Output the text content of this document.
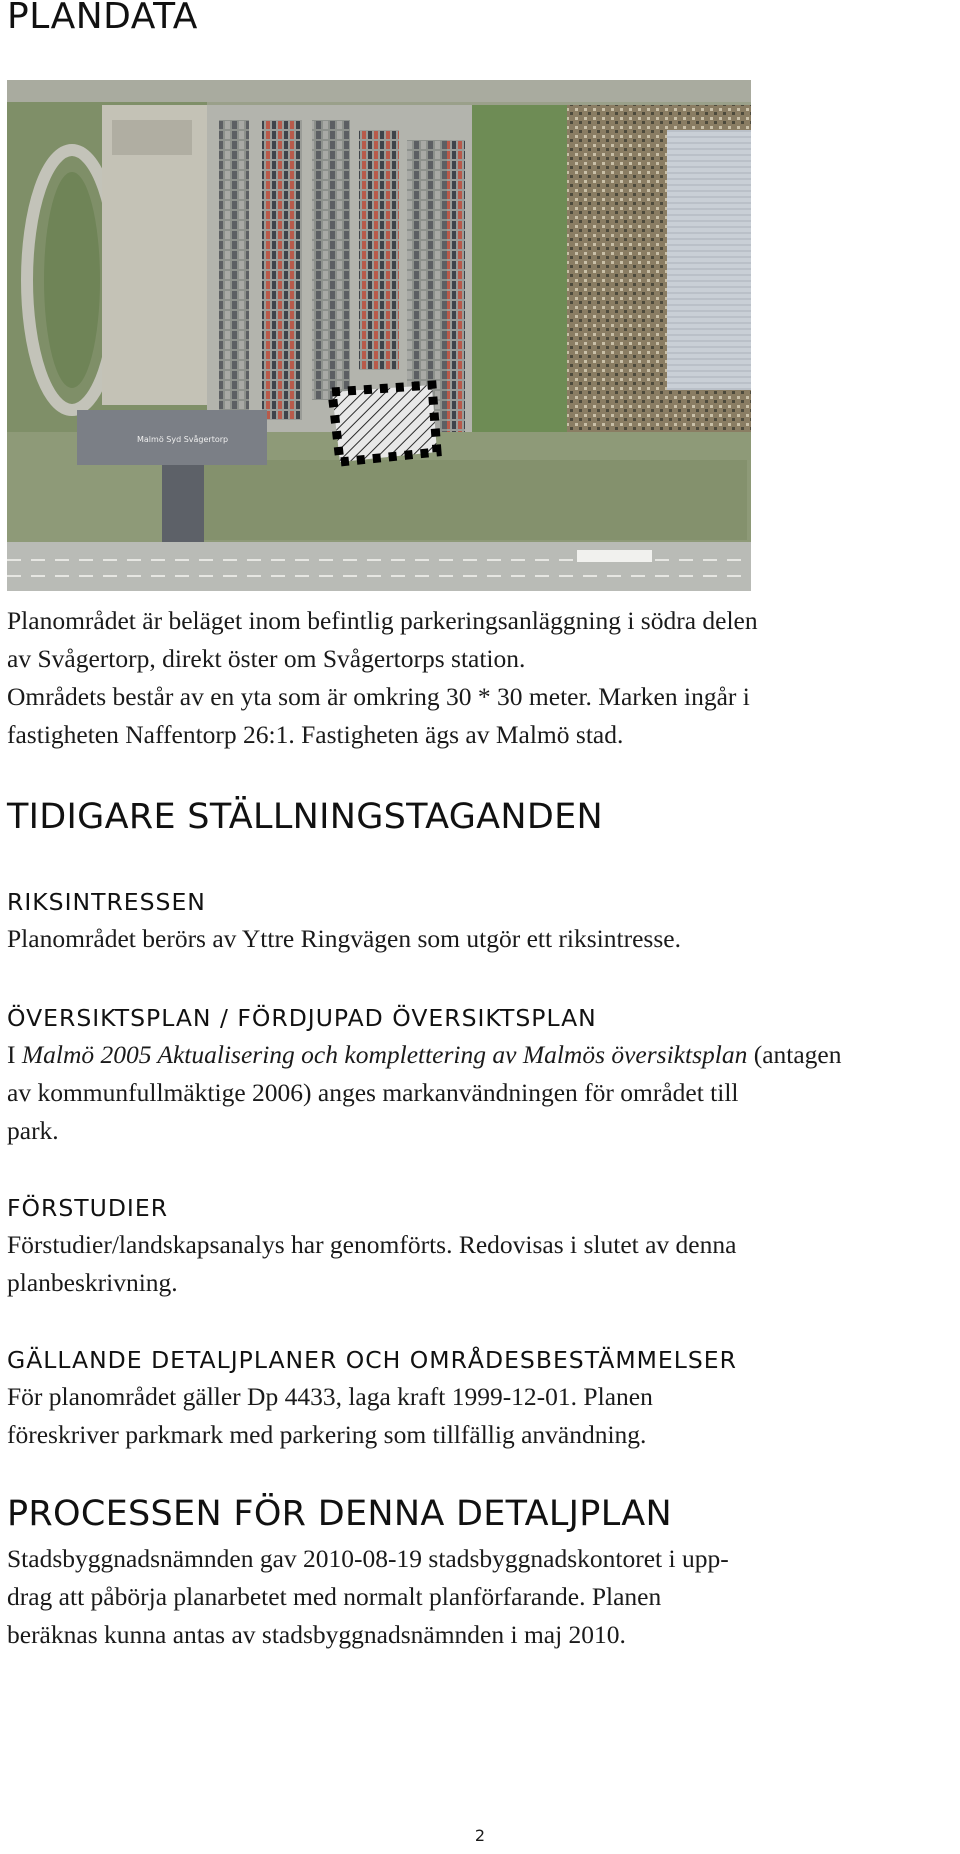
PLANDATA
Malmö Syd Svågertorp
Planområdet är beläget inom befintlig parkeringsanläggning i södra delen
av Svågertorp, direkt öster om Svågertorps station.
Områdets består av en yta som är omkring 30 * 30 meter. Marken ingår i
fastigheten Naffentorp 26:1. Fastigheten ägs av Malmö stad.
TIDIGARE STÄLLNINGSTAGANDEN
RIKSINTRESSEN
Planområdet berörs av Yttre Ringvägen som utgör ett riksintresse.
ÖVERSIKTSPLAN / FÖRDJUPAD ÖVERSIKTSPLAN
I Malmö 2005 Aktualisering och komplettering av Malmös översiktsplan (antagen
av kommunfullmäktige 2006) anges markanvändningen för området till
park.
FÖRSTUDIER
Förstudier/landskapsanalys har genomförts. Redovisas i slutet av denna
planbeskrivning.
GÄLLANDE DETALJPLANER OCH OMRÅDESBESTÄMMELSER
För planområdet gäller Dp 4433, laga kraft 1999-12-01. Planen
föreskriver parkmark med parkering som tillfällig användning.
PROCESSEN FÖR DENNA DETALJPLAN
Stadsbyggnadsnämnden gav 2010-08-19 stadsbyggnadskontoret i upp-
drag att påbörja planarbetet med normalt planförfarande. Planen
beräknas kunna antas av stadsbyggnadsnämnden i maj 2010.
2
